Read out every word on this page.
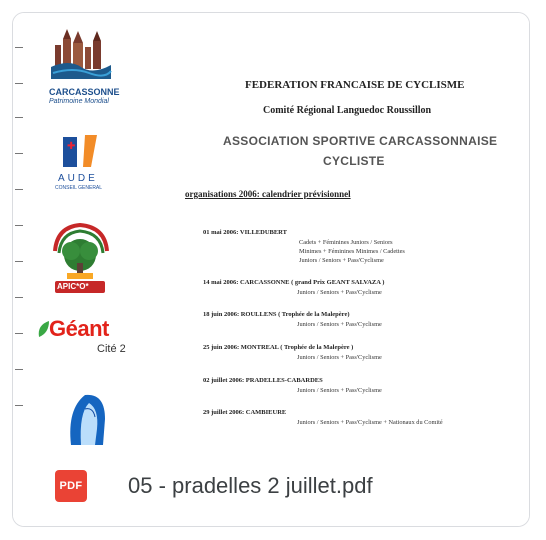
CARCASSONNE
Patrimoine Mondial
✚
AUDE
CONSEIL GENERAL
APIC*O*
Géant
Cité 2
FEDERATION FRANCAISE DE CYCLISME
Comité Régional Languedoc Roussillon
ASSOCIATION SPORTIVE CARCASSONNAISE
CYCLISTE
organisations 2006: calendrier prévisionnel
01 mai 2006: VILLEDUBERT
Cadets + Féminines Juniors / Seniors
Minimes + Féminines Minimes / Cadettes
Juniors / Seniors + Pass'Cyclisme
14 mai 2006: CARCASSONNE ( grand Prix GEANT SALVAZA )
Juniors / Seniors + Pass'Cyclisme
18 juin 2006: ROULLENS ( Trophée de la Malepère)
Juniors / Seniors + Pass'Cyclisme
25 juin 2006: MONTREAL ( Trophée de la Malepère )
Juniors / Seniors + Pass'Cyclisme
02 juillet 2006: PRADELLES-CABARDES
Juniors / Seniors + Pass'Cyclisme
29 juillet 2006: CAMBIEURE
Juniors / Seniors + Pass'Cyclisme + Nationaux du Comité
PDF 05 - pradelles 2 juillet.pdf
